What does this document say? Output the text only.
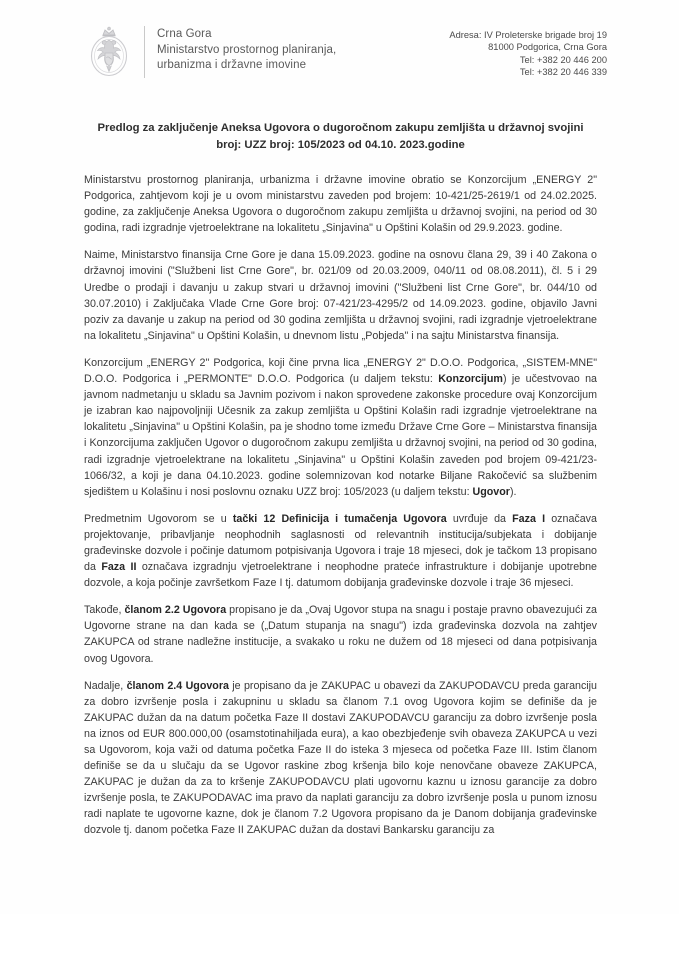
Crna Gora
Ministarstvo prostornog planiranja,
urbanizma i državne imovine
Adresa: IV Proleterske brigade broj 19
81000 Podgorica, Crna Gora
Tel: +382 20 446 200
Tel: +382 20 446 339
Predlog za zaključenje Aneksa Ugovora o dugoročnom zakupu zemljišta u državnoj svojini
broj: UZZ broj: 105/2023 od 04.10. 2023.godine

Ministarstvu prostornog planiranja, urbanizma i državne imovine obratio se Konzorcijum „ENERGY 2" Podgorica, zahtjevom koji je u ovom ministarstvu zaveden pod brojem: 10-421/25-2619/1 od 24.02.2025. godine, za zaključenje Aneksa Ugovora o dugoročnom zakupu zemljišta u državnoj svojini, na period od 30 godina, radi izgradnje vjetroelektrane na lokalitetu „Sinjavina" u Opštini Kolašin od 29.9.2023. godine.

Naime, Ministarstvo finansija Crne Gore je dana 15.09.2023. godine na osnovu člana 29, 39 i 40 Zakona o državnoj imovini ("Službeni list Crne Gore", br. 021/09 od 20.03.2009, 040/11 od 08.08.2011), čl. 5 i 29 Uredbe o prodaji i davanju u zakup stvari u državnoj imovini ("Službeni list Crne Gore", br. 044/10 od 30.07.2010) i Zaključaka Vlade Crne Gore broj: 07-421/23-4295/2 od 14.09.2023. godine, objavilo Javni poziv za davanje u zakup na period od 30 godina zemljišta u državnoj svojini, radi izgradnje vjetroelektrane na lokalitetu „Sinjavina" u Opštini Kolašin, u dnevnom listu „Pobjeda" i na sajtu Ministarstva finansija.

Konzorcijum „ENERGY 2" Podgorica, koji čine prvna lica „ENERGY 2" D.O.O. Podgorica, „SISTEM-MNE" D.O.O. Podgorica i „PERMONTE" D.O.O. Podgorica (u daljem tekstu: Konzorcijum) je učestvovao na javnom nadmetanju u skladu sa Javnim pozivom i nakon sprovedene zakonske procedure ovaj Konzorcijum je izabran kao najpovoljniji Učesnik za zakup zemljišta u Opštini Kolašin radi izgradnje vjetroelektrane na lokalitetu „Sinjavina" u Opštini Kolašin, pa je shodno tome između Države Crne Gore – Ministarstva finansija i Konzorcijuma zaključen Ugovor o dugoročnom zakupu zemljišta u državnoj svojini, na period od 30 godina, radi izgradnje vjetroelektrane na lokalitetu „Sinjavina" u Opštini Kolašin zaveden pod brojem 09-421/23-1066/32, a koji je dana 04.10.2023. godine solemnizovan kod notarke Biljane Rakočević sa službenim sjedištem u Kolašinu i nosi poslovnu oznaku UZZ broj: 105/2023 (u daljem tekstu: Ugovor).

Predmetnim Ugovorom se u tački 12 Definicija i tumačenja Ugovora uvrđuje da Faza I označava projektovanje, pribavljanje neophodnih saglasnosti od relevantnih institucija/subjekata i dobijanje građevinske dozvole i počinje datumom potpisivanja Ugovora i traje 18 mjeseci, dok je tačkom 13 propisano da Faza II označava izgradnju vjetroelektrane i neophodne prateće infrastrukture i dobijanje upotrebne dozvole, a koja počinje završetkom Faze I tj. datumom dobijanja građevinske dozvole i traje 36 mjeseci.

Takođe, članom 2.2 Ugovora propisano je da „Ovaj Ugovor stupa na snagu i postaje pravno obavezujući za Ugovorne strane na dan kada se („Datum stupanja na snagu") izda građevinska dozvola na zahtjev ZAKUPCA od strane nadležne institucije, a svakako u roku ne dužem od 18 mjeseci od dana potpisivanja ovog Ugovora.

Nadalje, članom 2.4 Ugovora je propisano da je ZAKUPAC u obavezi da ZAKUPODAVCU preda garanciju za dobro izvršenje posla i zakupninu u skladu sa članom 7.1 ovog Ugovora kojim se definiše da je ZAKUPAC dužan da na datum početka Faze II dostavi ZAKUPODAVCU garanciju za dobro izvršenje posla na iznos od EUR 800.000,00 (osamstotinahiljada eura), a kao obezbjeđenje svih obaveza ZAKUPCA u vezi sa Ugovorom, koja važi od datuma početka Faze II do isteka 3 mjeseca od početka Faze III. Istim članom definiše se da u slučaju da se Ugovor raskine zbog kršenja bilo koje nenovčane obaveze ZAKUPCA, ZAKUPAC je dužan da za to kršenje ZAKUPODAVCU plati ugovornu kaznu u iznosu garancije za dobro izvršenje posla, te ZAKUPODAVAC ima pravo da naplati garanciju za dobro izvršenje posla u punom iznosu radi naplate te ugovorne kazne, dok je članom 7.2 Ugovora propisano da je Danom dobijanja građevinske dozvole tj. danom početka Faze II ZAKUPAC dužan da dostavi Bankarsku garanciju za
